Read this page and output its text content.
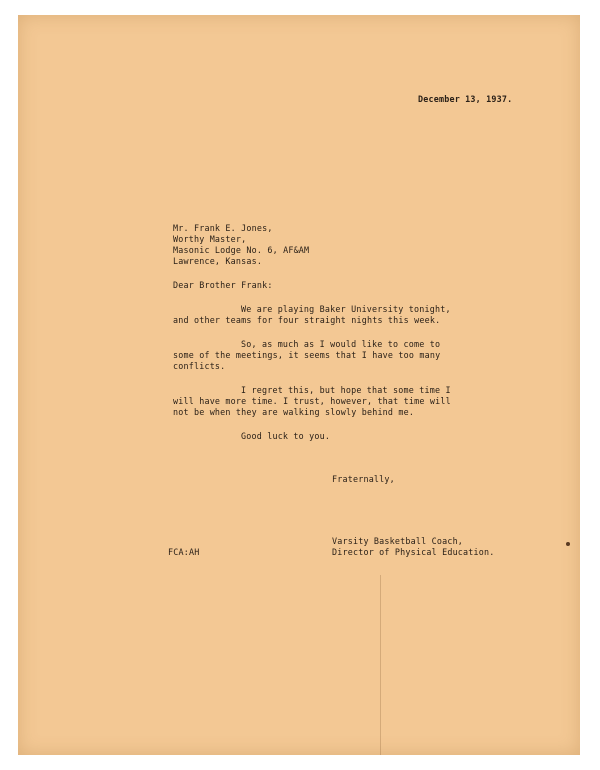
December 13, 1937.

Mr. Frank E. Jones,

Worthy Master,

Masonic Lodge No. 6, AF&AM

Lawrence, Kansas.

Dear Brother Frank:

We are playing Baker University tonight,

and other teams for four straight nights this week.

So, as much as I would like to come to

some of the meetings, it seems that I have too many

conflicts.

I regret this, but hope that some time I

will have more time. I trust, however, that time will

not be when they are walking slowly behind me.

Good luck to you.

Fraternally,

Varsity Basketball Coach,

Director of Physical Education.

FCA:AH
